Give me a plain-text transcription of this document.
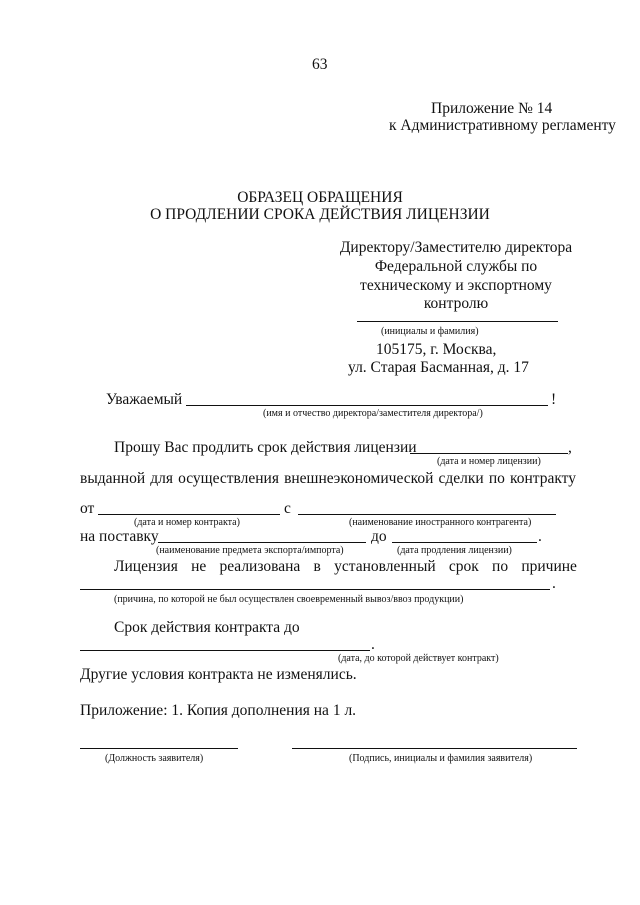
63
Приложение № 14
к Административному регламенту
ОБРАЗЕЦ ОБРАЩЕНИЯ
О ПРОДЛЕНИИ СРОКА ДЕЙСТВИЯ ЛИЦЕНЗИИ
Директору/Заместителю директора
Федеральной службы по
техническому и экспортному
контролю
(инициалы и фамилия)
105175, г. Москва,
ул. Старая Басманная, д. 17
Уважаемый	!
(имя и отчество директора/заместителя директора/)
Прошу Вас продлить срок действия лицензии	,
(дата и номер лицензии)
выданной для осуществления внешнеэкономической сделки по контракту
от	с
(дата и номер контракта)	(наименование иностранного контрагента)
на поставку	до	.
(наименование предмета экспорта/импорта)	(дата продления лицензии)
Лицензия не реализована в установленный срок по причине
.
(причина, по которой не был осуществлен своевременный вывоз/ввоз продукции)
Срок действия контракта до
.
(дата, до которой действует контракт)
Другие условия контракта не изменялись.
Приложение: 1. Копия дополнения на 1 л.
(Должность заявителя)	(Подпись, инициалы и фамилия заявителя)
